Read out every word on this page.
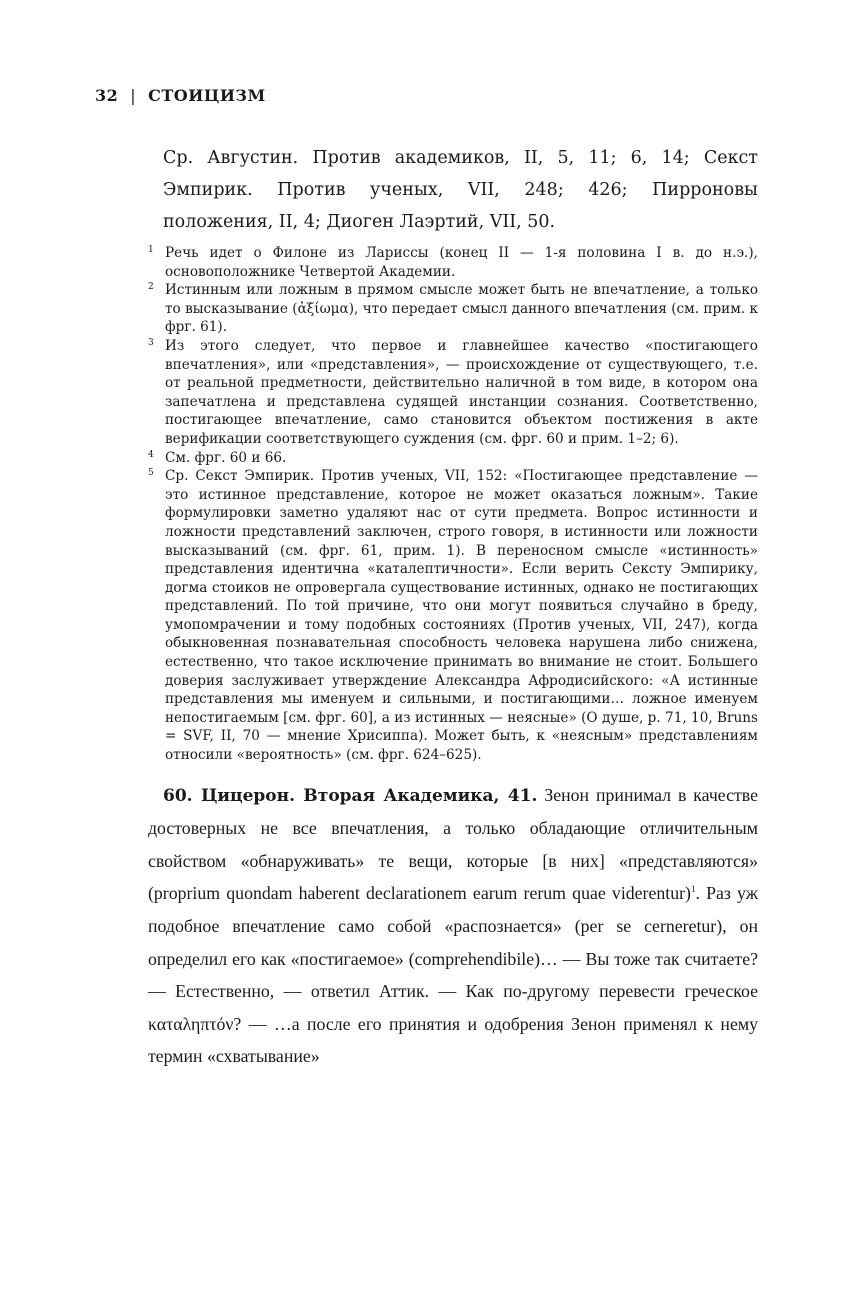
32 | СТОИЦИЗМ

Ср. Августин. Против академиков, II, 5, 11; 6, 14; Секст Эмпирик. Против ученых, VII, 248; 426; Пирроновы положения, II, 4; Диоген Лаэртий, VII, 50.

1 Речь идет о Филоне из Ларисcы (конец II — 1-я половина I в. до н.э.), основоположнике Четвертой Академии.
2 Истинным или ложным в прямом смысле может быть не впечатление, а только то высказывание (ἀξίωμα), что передает смысл данного впечатления (см. прим. к фрг. 61).
3 Из этого следует, что первое и главнейшее качество «постигающего впечатления», или «представления», — происхождение от существующего, т.е. от реальной предметности, действительно наличной в том виде, в котором она запечатлена и представлена судящей инстанции сознания. Соответственно, постигающее впечатление, само становится объектом постижения в акте верификации соответствующего суждения (см. фрг. 60 и прим. 1–2; 6).
4 См. фрг. 60 и 66.
5 Ср. Секст Эмпирик. Против ученых, VII, 152: «Постигающее представление — это истинное представление, которое не может оказаться ложным». Такие формулировки заметно удаляют нас от сути предмета. Вопрос истинности и ложности представлений заключен, строго говоря, в истинности или ложности высказываний (см. фрг. 61, прим. 1). В переносном смысле «истинность» представления идентична «каталептичности». Если верить Сексту Эмпирику, догма стоиков не опровергала существование истинных, однако не постигающих представлений. По той причине, что они могут появиться случайно в бреду, умопомрачении и тому подобных состояниях (Против ученых, VII, 247), когда обыкновенная познавательная способность человека нарушена либо снижена, естественно, что такое исключение принимать во внимание не стоит. Большего доверия заслуживает утверждение Александра Афродисийского: «А истинные представления мы именуем и сильными, и постигающими… ложное именуем непостигаемым [см. фрг. 60], а из истинных — неясные» (О душе, p. 71, 10, Bruns = SVF, II, 70 — мнение Хрисиппа). Может быть, к «неясным» представлениям относили «вероятность» (см. фрг. 624–625).

60. Цицерон. Вторая Академика, 41. Зенон принимал в качестве достоверных не все впечатления, а только обладающие отличительным свойством «обнаруживать» те вещи, которые [в них] «представляются» (proprium quondam haberent declarationem earum rerum quae viderentur)$^1$. Раз уж подобное впечатление само собой «распознается» (per se cerneretur), он определил его как «постигаемое» (comprehendibile)… — Вы тоже так считаете? — Естественно, — ответил Аттик. — Как по-другому перевести греческое καταληπτόν? — …а после его принятия и одобрения Зенон применял к нему термин «схватывание»
